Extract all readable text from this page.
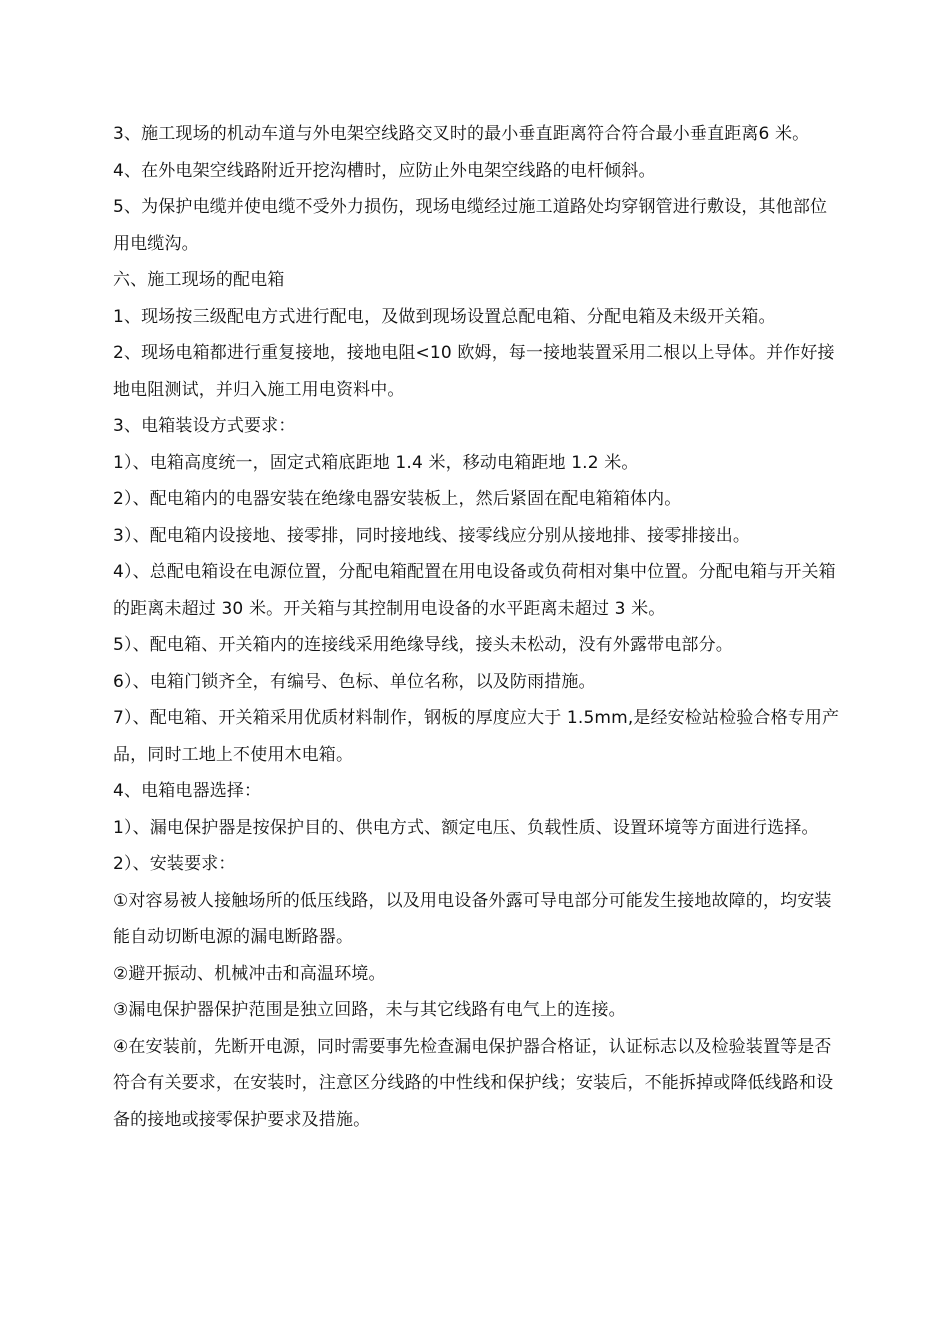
3、施工现场的机动车道与外电架空线路交叉时的最小垂直距离符合符合最小垂直距离6 米。

4、在外电架空线路附近开挖沟槽时，应防止外电架空线路的电杆倾斜。

5、为保护电缆并使电缆不受外力损伤，现场电缆经过施工道路处均穿钢管进行敷设，其他部位用电缆沟。

六、施工现场的配电箱

1、现场按三级配电方式进行配电，及做到现场设置总配电箱、分配电箱及未级开关箱。

2、现场电箱都进行重复接地，接地电阻<10 欧姆，每一接地装置采用二根以上导体。并作好接地电阻测试，并归入施工用电资料中。

3、电箱装设方式要求：

1）、电箱高度统一，固定式箱底距地 1.4 米，移动电箱距地 1.2 米。

2）、配电箱内的电器安装在绝缘电器安装板上，然后紧固在配电箱箱体内。

3）、配电箱内设接地、接零排，同时接地线、接零线应分别从接地排、接零排接出。

4）、总配电箱设在电源位置，分配电箱配置在用电设备或负荷相对集中位置。分配电箱与开关箱的距离未超过 30 米。开关箱与其控制用电设备的水平距离未超过 3 米。

5）、配电箱、开关箱内的连接线采用绝缘导线，接头未松动，没有外露带电部分。

6）、电箱门锁齐全，有编号、色标、单位名称，以及防雨措施。

7）、配电箱、开关箱采用优质材料制作，钢板的厚度应大于 1.5mm,是经安检站检验合格专用产品，同时工地上不使用木电箱。

4、电箱电器选择：

1）、漏电保护器是按保护目的、供电方式、额定电压、负载性质、设置环境等方面进行选择。

2）、安装要求：

①对容易被人接触场所的低压线路，以及用电设备外露可导电部分可能发生接地故障的，均安装能自动切断电源的漏电断路器。

②避开振动、机械冲击和高温环境。

③漏电保护器保护范围是独立回路，未与其它线路有电气上的连接。

④在安装前，先断开电源，同时需要事先检查漏电保护器合格证，认证标志以及检验装置等是否符合有关要求，在安装时，注意区分线路的中性线和保护线；安装后，不能拆掉或降低线路和设备的接地或接零保护要求及措施。
